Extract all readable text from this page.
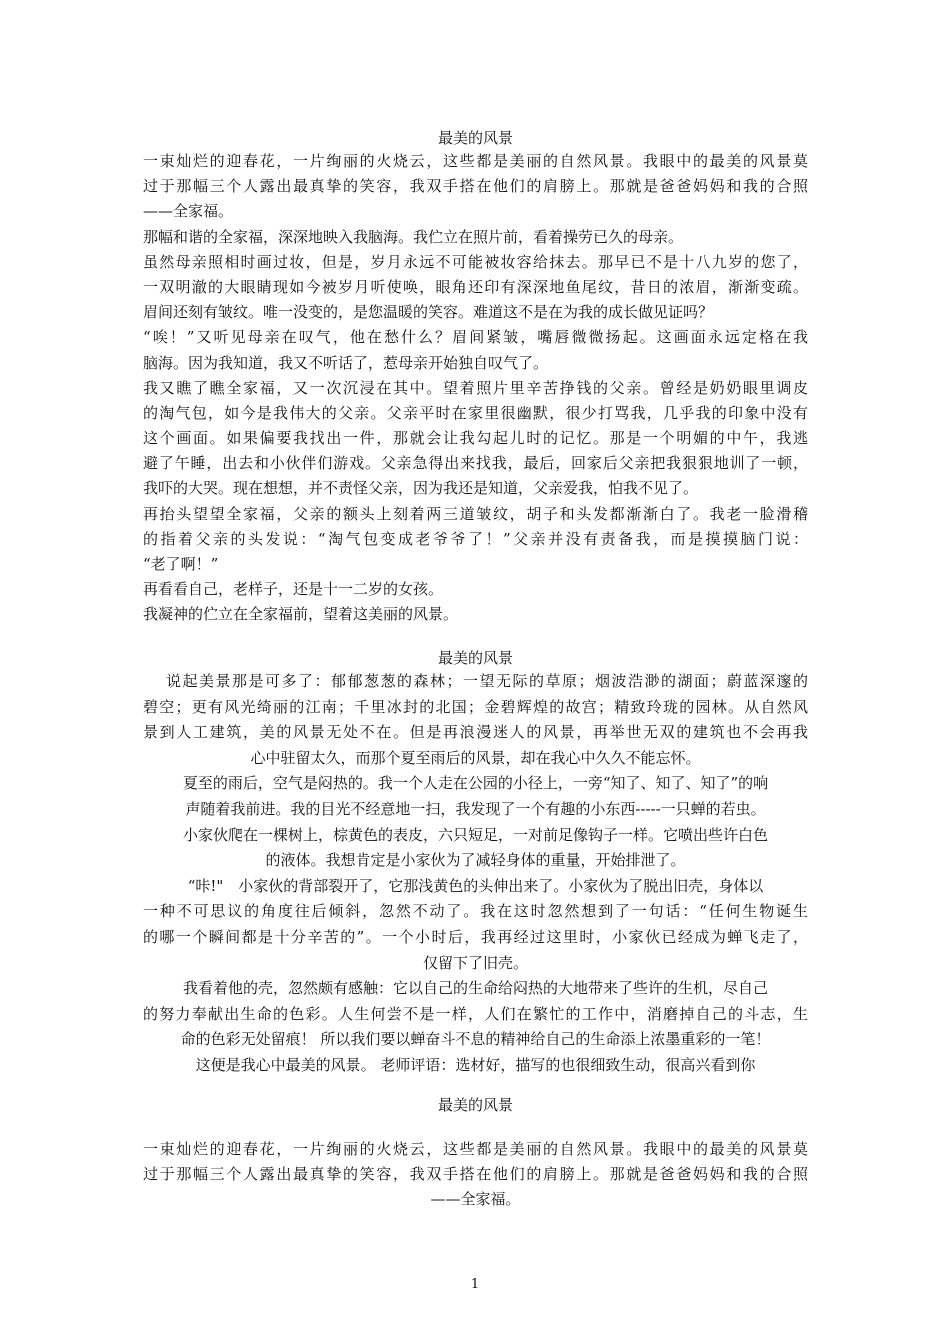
最美的风景
一束灿烂的迎春花，一片绚丽的火烧云，这些都是美丽的自然风景。我眼中的最美的风景莫
过于那幅三个人露出最真挚的笑容，我双手搭在他们的肩膀上。那就是爸爸妈妈和我的合照
——全家福。
那幅和谐的全家福，深深地映入我脑海。我伫立在照片前，看着操劳已久的母亲。
虽然母亲照相时画过妆，但是，岁月永远不可能被妆容给抹去。那早已不是十八九岁的您了，
一双明澈的大眼睛现如今被岁月听使唤，眼角还印有深深地鱼尾纹，昔日的浓眉，渐渐变疏。
眉间还刻有皱纹。唯一没变的，是您温暖的笑容。难道这不是在为我的成长做见证吗？
“唉！”又听见母亲在叹气，他在愁什么？眉间紧皱，嘴唇微微扬起。这画面永远定格在我
脑海。因为我知道，我又不听话了，惹母亲开始独自叹气了。
我又瞧了瞧全家福，又一次沉浸在其中。望着照片里辛苦挣钱的父亲。曾经是奶奶眼里调皮
的淘气包，如今是我伟大的父亲。父亲平时在家里很幽默，很少打骂我，几乎我的印象中没有
这个画面。如果偏要我找出一件，那就会让我勾起儿时的记忆。那是一个明媚的中午，我逃
避了午睡，出去和小伙伴们游戏。父亲急得出来找我，最后，回家后父亲把我狠狠地训了一顿，
我吓的大哭。现在想想，并不责怪父亲，因为我还是知道，父亲爱我，怕我不见了。
再抬头望望全家福，父亲的额头上刻着两三道皱纹，胡子和头发都渐渐白了。我老一脸滑稽
的指着父亲的头发说：“淘气包变成老爷爷了！”父亲并没有责备我，而是摸摸脑门说：
“老了啊！”
再看看自己，老样子，还是十一二岁的女孩。
我凝神的伫立在全家福前，望着这美丽的风景。
最美的风景
说起美景那是可多了：郁郁葱葱的森林；一望无际的草原；烟波浩渺的湖面；蔚蓝深邃的
碧空；更有风光绮丽的江南；千里冰封的北国；金碧辉煌的故宫；精致玲珑的园林。从自然风
景到人工建筑，美的风景无处不在。但是再浪漫迷人的风景，再举世无双的建筑也不会再我
心中驻留太久，而那个夏至雨后的风景，却在我心中久久不能忘怀。
夏至的雨后，空气是闷热的。我一个人走在公园的小径上，一旁“知了、知了、知了”的响
声随着我前进。我的目光不经意地一扫，我发现了一个有趣的小东西-----一只蝉的若虫。
小家伙爬在一棵树上，棕黄色的表皮，六只短足，一对前足像钩子一样。它喷出些许白色
的液体。我想肯定是小家伙为了减轻身体的重量，开始排泄了。
“咔!"　小家伙的背部裂开了，它那浅黄色的头伸出来了。小家伙为了脱出旧壳，身体以
一种不可思议的角度往后倾斜，忽然不动了。我在这时忽然想到了一句话：“任何生物诞生
的哪一个瞬间都是十分辛苦的”。一个小时后，我再经过这里时，小家伙已经成为蝉飞走了，
仅留下了旧壳。
我看着他的壳，忽然颇有感触：它以自己的生命给闷热的大地带来了些许的生机，尽自己
的努力奉献出生命的色彩。人生何尝不是一样，人们在繁忙的工作中，消磨掉自己的斗志，生
命的色彩无处留痕！ 所以我们要以蝉奋斗不息的精神给自己的生命添上浓墨重彩的一笔！
这便是我心中最美的风景。 老师评语：选材好，描写的也很细致生动，很高兴看到你
最美的风景
一束灿烂的迎春花，一片绚丽的火烧云，这些都是美丽的自然风景。我眼中的最美的风景莫
过于那幅三个人露出最真挚的笑容，我双手搭在他们的肩膀上。那就是爸爸妈妈和我的合照
——全家福。
1
